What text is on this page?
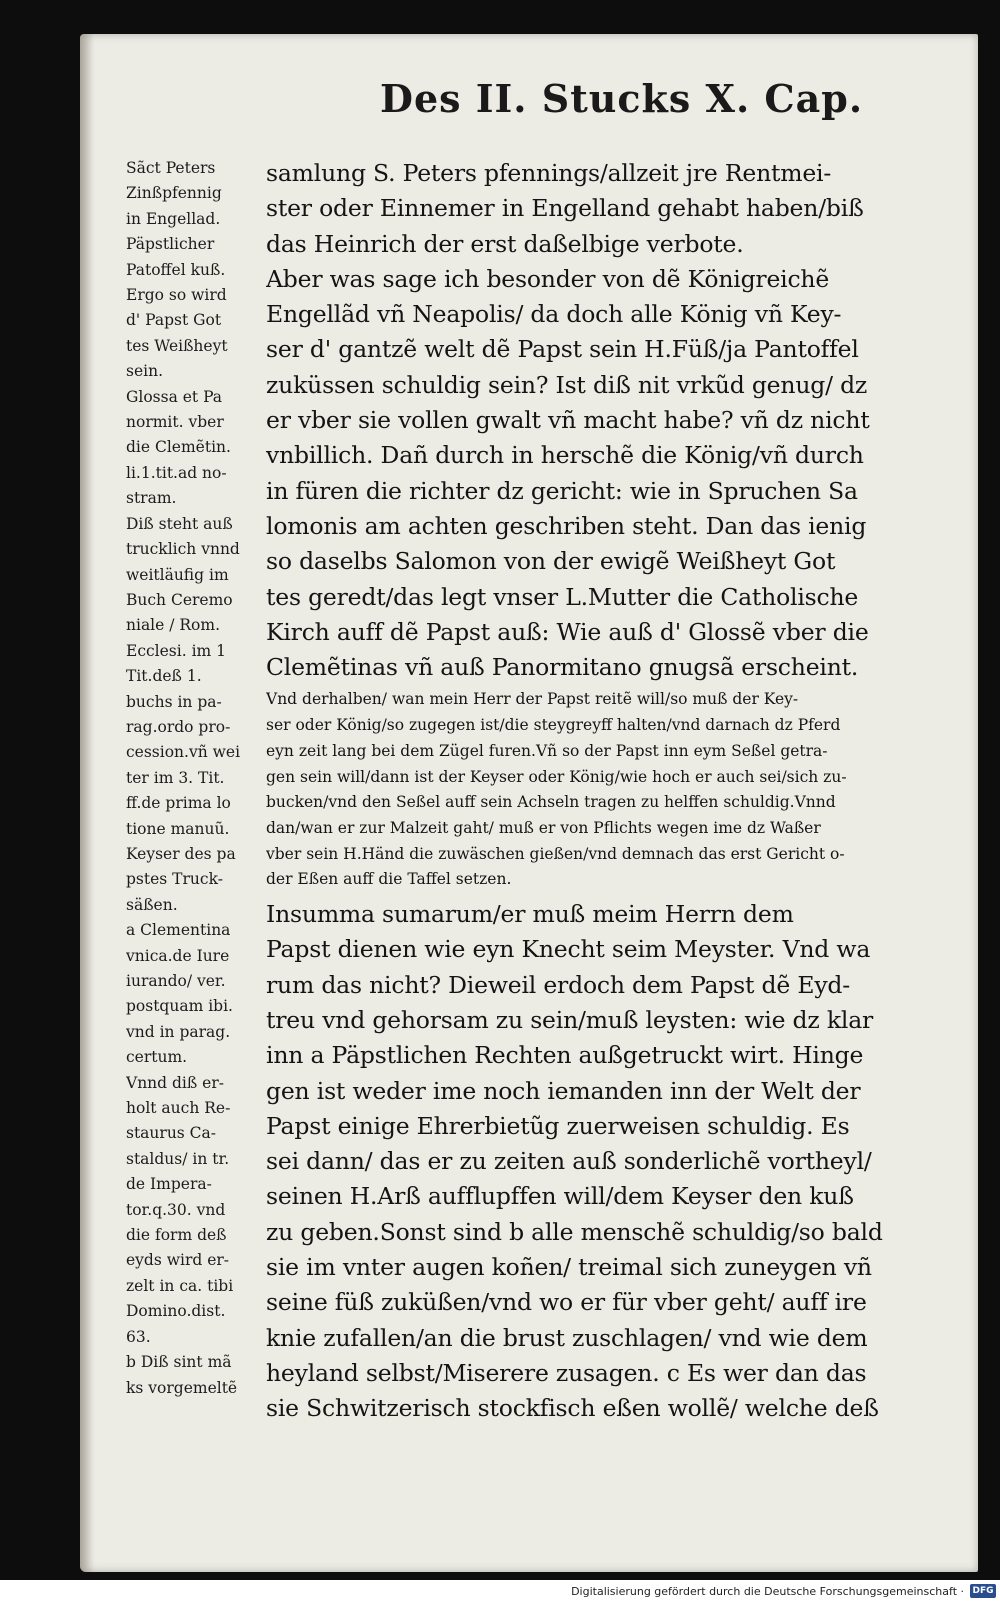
Des II. Stucks X. Cap.
Sãct Peters
Zinßpfennig
in Engellad.
Päpstlicher
Patoffel kuß.
Ergo so wird
d' Papst Got
tes Weißheyt
sein.
Glossa et Pa
normit. vber
die Clemẽtin.
li.1.tit.ad no-
stram.
Diß steht auß
trucklich vnnd
weitläufig im
Buch Ceremo
niale / Rom.
Ecclesi. im 1
Tit.deß 1.
buchs in pa-
rag.ordo pro-
cession.vñ wei
ter im 3. Tit.
ff.de prima lo
tione manuũ.
Keyser des pa
pstes Truck-
säßen.
a Clementina
vnica.de Iure
iurando/ ver.
postquam ibi.
vnd in parag.
certum.
Vnnd diß er-
holt auch Re-
staurus Ca-
staldus/ in tr.
de Impera-
tor.q.30. vnd
die form deß
eyds wird er-
zelt in ca. tibi
Domino.dist.
63.
b Diß sint mã
ks vorgemeltẽ
samlung S. Peters pfennings/allzeit jre Rentmei-
ster oder Einnemer in Engelland gehabt haben/biß
das Heinrich der erst daßelbige verbote.
Aber was sage ich besonder von dẽ Königreichẽ
Engellãd vñ Neapolis/ da doch alle König vñ Key-
ser d' gantzẽ welt dẽ Papst sein H.Füß/ja Pantoffel
zuküssen schuldig sein? Ist diß nit vrkũd genug/ dz
er vber sie vollen gwalt vñ macht habe? vñ dz nicht
vnbillich. Dañ durch in herschẽ die König/vñ durch
in füren die richter dz gericht: wie in Spruchen Sa
lomonis am achten geschriben steht. Dan das ienig
so daselbs Salomon von der ewigẽ Weißheyt Got
tes geredt/das legt vnser L.Mutter die Catholische
Kirch auff dẽ Papst auß: Wie auß d' Glossẽ vber die
Clemẽtinas vñ auß Panormitano gnugsã erscheint.
Vnd derhalben/ wan mein Herr der Papst reitẽ will/so muß der Key-
ser oder König/so zugegen ist/die steygreyff halten/vnd darnach dz Pferd
eyn zeit lang bei dem Zügel furen.Vñ so der Papst inn eym Seßel getra-
gen sein will/dann ist der Keyser oder König/wie hoch er auch sei/sich zu-
bucken/vnd den Seßel auff sein Achseln tragen zu helffen schuldig.Vnnd
dan/wan er zur Malzeit gaht/ muß er von Pflichts wegen ime dz Waßer
vber sein H.Händ die zuwäschen gießen/vnd demnach das erst Gericht o-
der Eßen auff die Taffel setzen.
Insumma sumarum/er muß meim Herrn dem
Papst dienen wie eyn Knecht seim Meyster. Vnd wa
rum das nicht? Dieweil erdoch dem Papst dẽ Eyd-
treu vnd gehorsam zu sein/muß leysten: wie dz klar
inn a Päpstlichen Rechten außgetruckt wirt. Hinge
gen ist weder ime noch iemanden inn der Welt der
Papst einige Ehrerbietũg zuerweisen schuldig. Es
sei dann/ das er zu zeiten auß sonderlichẽ vortheyl/
seinen H.Arß aufflupffen will/dem Keyser den kuß
zu geben.Sonst sind b alle menschẽ schuldig/so bald
sie im vnter augen koñen/ treimal sich zuneygen vñ
seine füß zuküßen/vnd wo er für vber geht/ auff ire
knie zufallen/an die brust zuschlagen/ vnd wie dem
heyland selbst/Miserere zusagen. c Es wer dan das
sie Schwitzerisch stockfisch eßen wollẽ/ welche deß
Digitalisierung gefördert durch die Deutsche Forschungsgemeinschaft · DFG
